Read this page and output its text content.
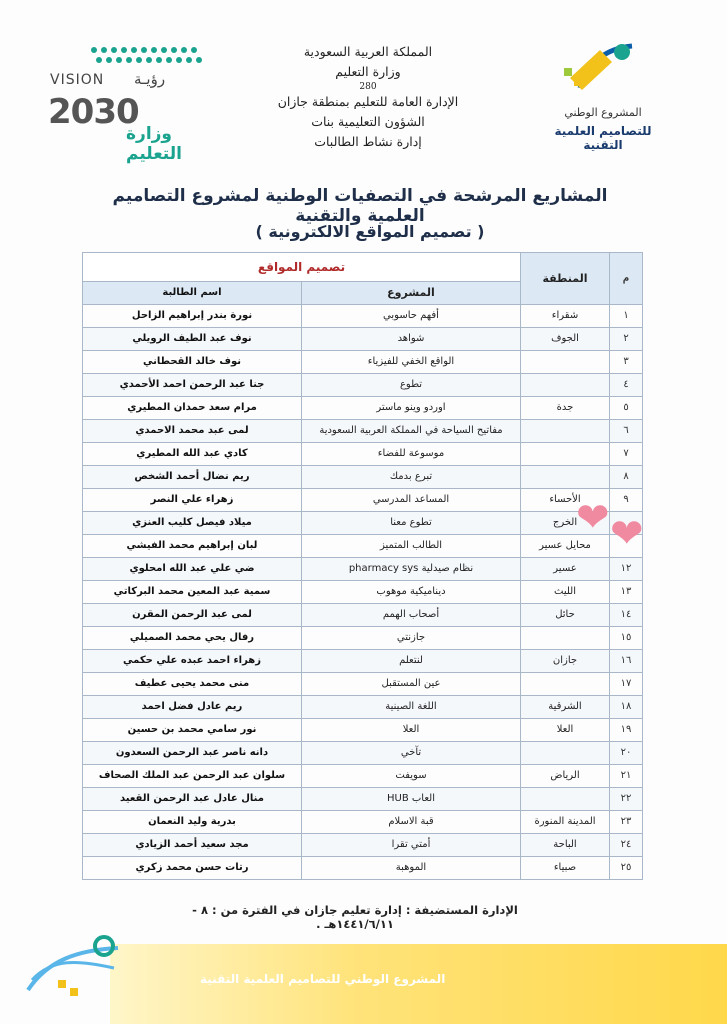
المشروع الوطني
للتصاميم العلمية التقنية
المملكة العربية السعودية
وزارة التعليم
280
الإدارة العامة للتعليم بمنطقة جازان
الشؤون التعليمية بنات
إدارة نشاط الطالبات
VISION رؤيـة
2030
وزارة التعليم
المشاريع المرشحة في التصفيات الوطنية لمشروع التصاميم العلمية والتقنية
( تصميم المواقع الالكترونية )
م	المنطقة	تصميم المواقع	
		المشروع	اسم الطالبة
١	شقراء	أفهم حاسوبي	نورة بندر إبراهيم الزاحل
٢	الجوف	شواهد	نوف عبد الطيف الرويلي
٣		الواقع الخفي للفيزياء	نوف خالد القحطاني
٤		تطوع	جنا عبد الرحمن احمد الأحمدي
٥	جدة	اوردو وينو ماستر	مرام سعد حمدان المطيري
٦		مفاتيح السياحة في المملكة العربية السعودية	لمى عبد محمد الاحمدي
٧		موسوعة للفضاء	كادي عبد الله المطيري
٨		تبرع بدمك	ريم نضال أحمد الشخص
٩	الأحساء	المساعد المدرسي	زهراء علي النصر
	الخرج	تطوع معنا	ميلاد فيصل كليب العنزي
	محايل عسير	الطالب المتميز	لبان إبراهيم محمد الفيشي
١٢	عسير	نظام صيدلية pharmacy sys	ضي علي عبد الله امحلوي
١٣	الليث	ديناميكية موهوب	سمية عبد المعين محمد البركاتي
١٤	حائل	أصحاب الهمم	لمى عبد الرحمن المقرن
١٥		جازنتي	رفال يحي محمد الصميلي
١٦	جازان	لنتعلم	زهراء احمد عبده علي حكمي
١٧		عين المستقبل	منى محمد يحيى عطيف
١٨	الشرقية	اللغة الصينية	ريم عادل فضل احمد
١٩	العلا	العلا	نور سامي محمد بن حسين
٢٠		تآخي	دانه ناصر عبد الرحمن السعدون
٢١	الرياض	سويفت	سلوان عبد الرحمن عبد الملك الصحاف
٢٢		العاب HUB	منال عادل عبد الرحمن القعيد
٢٣	المدينة المنورة	قبة الاسلام	بدرية وليد النعمان
٢٤	الباحة	أمتي تقرا	مجد سعيد أحمد الزيادي
٢٥	صبياء	الموهبة	رتات حسن محمد زكري
الإدارة المستضيفة : إدارة تعليم جازان في الفترة من : ٨ - ١٤٤١/٦/١١هـ .
❤ ❤
المشروع الوطني للتصاميم العلمية التقنية
